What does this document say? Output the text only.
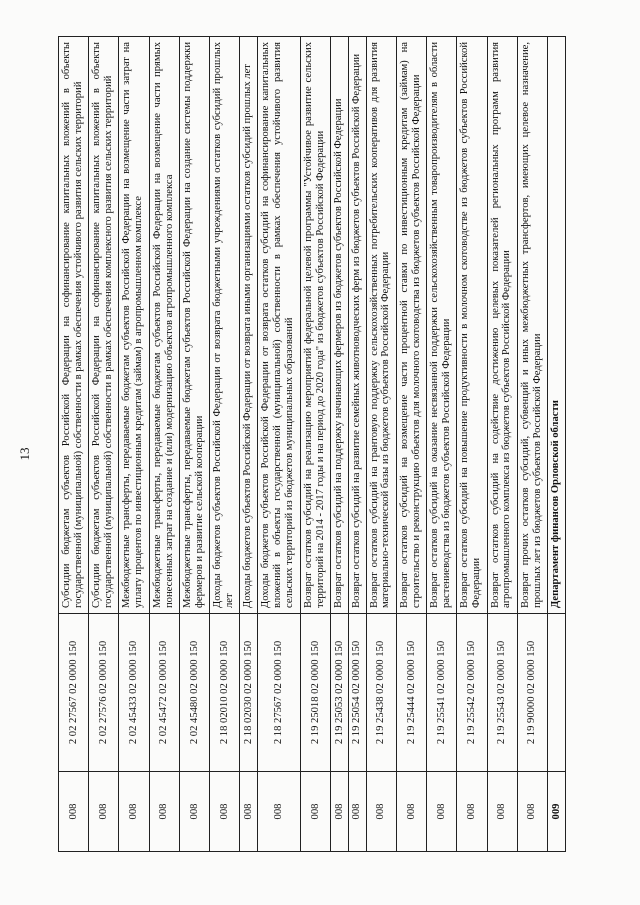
13
008	2 02 27567 02 0000 150	Субсидии бюджетам субъектов Российской Федерации на софинансирование капитальных вложений в объекты государственной (муниципальной) собственности в рамках обеспечения устойчивого развития сельских территорий
008	2 02 27576 02 0000 150	Субсидии бюджетам субъектов Российской Федерации на софинансирование капитальных вложений в объекты государственной (муниципальной) собственности в рамках обеспечения комплексного развития сельских территорий
008	2 02 45433 02 0000 150	Межбюджетные трансферты, передаваемые бюджетам субъектов Российской Федерации на возмещение части затрат на уплату процентов по инвестиционным кредитам (займам) в агропромышленном комплексе
008	2 02 45472 02 0000 150	Межбюджетные трансферты, передаваемые бюджетам субъектов Российской Федерации на возмещение части прямых понесенных затрат на создание и (или) модернизацию объектов агропромышленного комплекса
008	2 02 45480 02 0000 150	Межбюджетные трансферты, передаваемые бюджетам субъектов Российской Федерации на создание системы поддержки фермеров и развитие сельской кооперации
008	2 18 02010 02 0000 150	Доходы бюджетов субъектов Российской Федерации от возврата бюджетными учреждениями остатков субсидий прошлых лет
008	2 18 02030 02 0000 150	Доходы бюджетов субъектов Российской Федерации от возврата иными организациями остатков субсидий прошлых лет
008	2 18 27567 02 0000 150	Доходы бюджетов субъектов Российской Федерации от возврата остатков субсидий на софинансирование капитальных вложений в объекты государственной (муниципальной) собственности в рамках обеспечения устойчивого развития сельских территорий из бюджетов муниципальных образований
008	2 19 25018 02 0000 150	Возврат остатков субсидий на реализацию мероприятий федеральной целевой программы "Устойчивое развитие сельских территорий на 2014 - 2017 годы и на период до 2020 года" из бюджетов субъектов Российской Федерации
008	2 19 25053 02 0000 150	Возврат остатков субсидий на поддержку начинающих фермеров из бюджетов субъектов Российской Федерации
008	2 19 25054 02 0000 150	Возврат остатков субсидий на развитие семейных животноводческих ферм из бюджетов субъектов Российской Федерации
008	2 19 25438 02 0000 150	Возврат остатков субсидий на грантовую поддержку сельскохозяйственных потребительских кооперативов для развития материально-технической базы из бюджетов субъектов Российской Федерации
008	2 19 25444 02 0000 150	Возврат остатков субсидий на возмещение части процентной ставки по инвестиционным кредитам (займам) на строительство и реконструкцию объектов для молочного скотоводства из бюджетов субъектов Российской Федерации
008	2 19 25541 02 0000 150	Возврат остатков субсидий на оказание несвязанной поддержки сельскохозяйственным товаропроизводителям в области растениеводства из бюджетов субъектов Российской Федерации
008	2 19 25542 02 0000 150	Возврат остатков субсидий на повышение продуктивности в молочном скотоводстве из бюджетов субъектов Российской Федерации
008	2 19 25543 02 0000 150	Возврат остатков субсидий на содействие достижению целевых показателей региональных программ развития агропромышленного комплекса из бюджетов субъектов Российской Федерации
008	2 19 90000 02 0000 150	Возврат прочих остатков субсидий, субвенций и иных межбюджетных трансфертов, имеющих целевое назначение, прошлых лет из бюджетов субъектов Российской Федерации
009		Департамент финансов Орловской области
